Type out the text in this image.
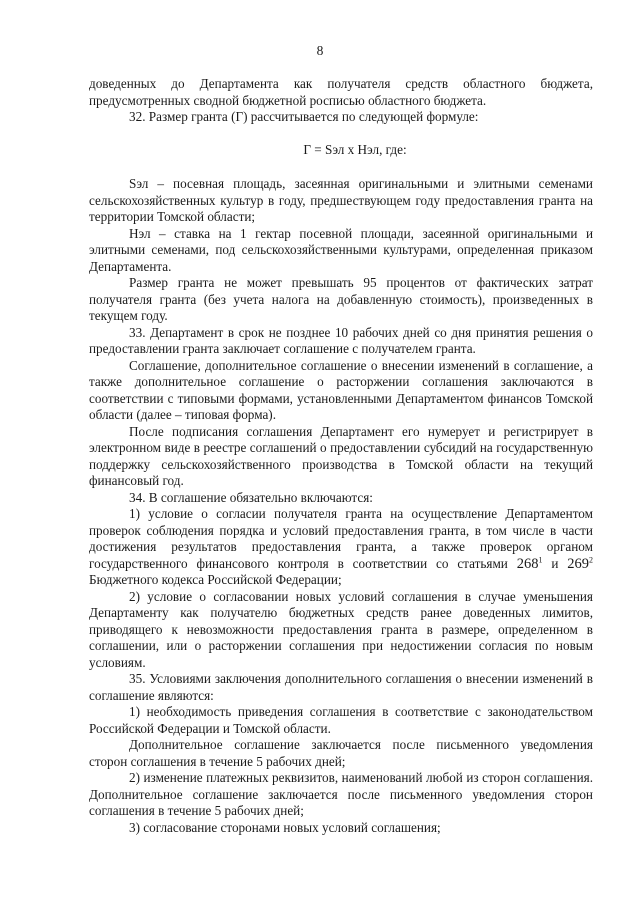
8

доведенных до Департамента как получателя средств областного бюджета, предусмотренных сводной бюджетной росписью областного бюджета.

32. Размер гранта (Г) рассчитывается по следующей формуле:

Г = Sэл х Нэл, где:

Sэл – посевная площадь, засеянная оригинальными и элитными семенами сельскохозяйственных культур в году, предшествующем году предоставления гранта на территории Томской области;

Нэл – ставка на 1 гектар посевной площади, засеянной оригинальными и элитными семенами, под сельскохозяйственными культурами, определенная приказом Департамента.

Размер гранта не может превышать 95 процентов от фактических затрат получателя гранта (без учета налога на добавленную стоимость), произведенных в текущем году.

33. Департамент в срок не позднее 10 рабочих дней со дня принятия решения о предоставлении гранта заключает соглашение с получателем гранта.

Соглашение, дополнительное соглашение о внесении изменений в соглашение, а также дополнительное соглашение о расторжении соглашения заключаются в соответствии с типовыми формами, установленными Департаментом финансов Томской области (далее – типовая форма).

После подписания соглашения Департамент его нумерует и регистрирует в электронном виде в реестре соглашений о предоставлении субсидий на государственную поддержку сельскохозяйственного производства в Томской области на текущий финансовый год.

34. В соглашение обязательно включаются:

1) условие о согласии получателя гранта на осуществление Департаментом проверок соблюдения порядка и условий предоставления гранта, в том числе в части достижения результатов предоставления гранта, а также проверок органом государственного финансового контроля в соответствии со статьями $268^1$ и $269^2$ Бюджетного кодекса Российской Федерации;

2) условие о согласовании новых условий соглашения в случае уменьшения Департаменту как получателю бюджетных средств ранее доведенных лимитов, приводящего к невозможности предоставления гранта в размере, определенном в соглашении, или о расторжении соглашения при недостижении согласия по новым условиям.

35. Условиями заключения дополнительного соглашения о внесении изменений в соглашение являются:

1) необходимость приведения соглашения в соответствие с законодательством Российской Федерации и Томской области.

Дополнительное соглашение заключается после письменного уведомления сторон соглашения в течение 5 рабочих дней;

2) изменение платежных реквизитов, наименований любой из сторон соглашения. Дополнительное соглашение заключается после письменного уведомления сторон соглашения в течение 5 рабочих дней;

3) согласование сторонами новых условий соглашения;
